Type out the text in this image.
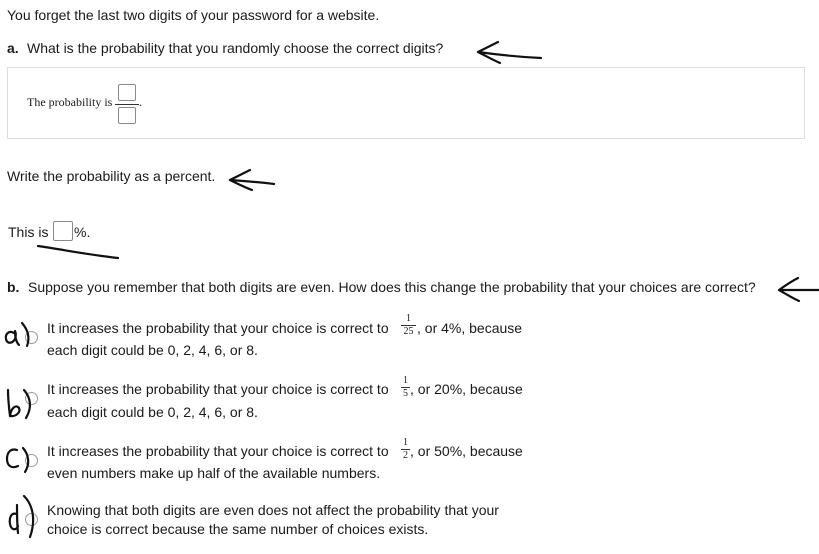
You forget the last two digits of your password for a website.
a. What is the probability that you randomly choose the correct digits?
The probability is .
Write the probability as a percent.
This is %.
b. Suppose you remember that both digits are even. How does this change the probability that your choices are correct?
It increases the probability that your choice is correct to
1
25 , or 4%, because
each digit could be 0, 2, 4, 6, or 8.
It increases the probability that your choice is correct to
1
5 , or 20%, because
each digit could be 0, 2, 4, 6, or 8.
It increases the probability that your choice is correct to
1
2 , or 50%, because
even numbers make up half of the available numbers.
Knowing that both digits are even does not affect the probability that your
choice is correct because the same number of choices exists.
